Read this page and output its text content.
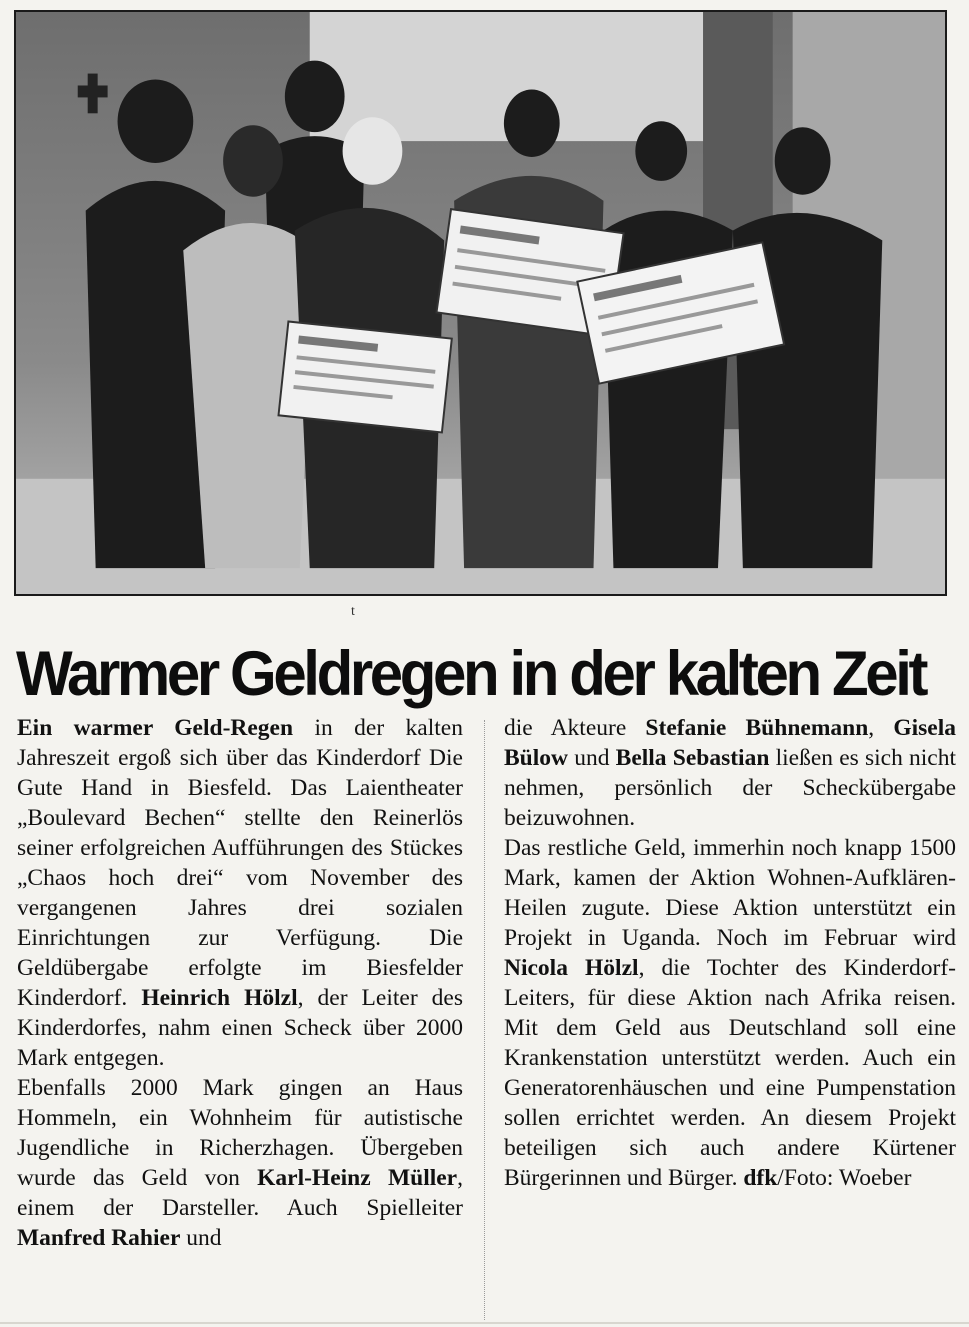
t
Warmer Geldregen in der kalten Zeit

Ein warmer Geld-Regen in der kalten Jahreszeit ergoß sich über das Kinderdorf Die Gute Hand in Biesfeld. Das Laientheater „Boulevard Bechen“ stellte den Reinerlös seiner erfolgreichen Aufführungen des Stückes „Chaos hoch drei“ vom November des vergangenen Jahres drei sozialen Einrichtungen zur Verfügung. Die Geldübergabe erfolgte im Biesfelder Kinderdorf. Heinrich Hölzl, der Leiter des Kinderdorfes, nahm einen Scheck über 2000 Mark entgegen.

Ebenfalls 2000 Mark gingen an Haus Hommeln, ein Wohnheim für autistische Jugendliche in Richerzhagen. Übergeben wurde das Geld von Karl-Heinz Müller, einem der Darsteller. Auch Spielleiter Manfred Rahier und

die Akteure Stefanie Bühnemann, Gisela Bülow und Bella Sebastian ließen es sich nicht nehmen, persönlich der Scheckübergabe beizuwohnen.

Das restliche Geld, immerhin noch knapp 1500 Mark, kamen der Aktion Wohnen-Aufklären-Heilen zugute. Diese Aktion unterstützt ein Projekt in Uganda. Noch im Februar wird Nicola Hölzl, die Tochter des Kinderdorf-Leiters, für diese Aktion nach Afrika reisen. Mit dem Geld aus Deutschland soll eine Krankenstation unterstützt werden. Auch ein Generatorenhäuschen und eine Pumpenstation sollen errichtet werden. An diesem Projekt beteiligen sich auch andere Kürtener Bürgerinnen und Bürger. dfk/Foto: Woeber
